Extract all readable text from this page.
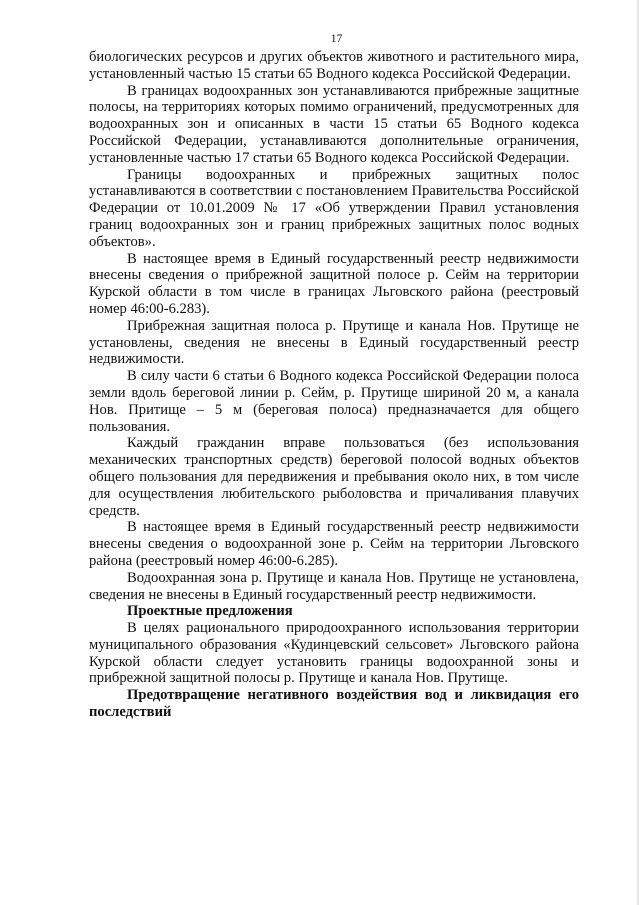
17

биологических ресурсов и других объектов животного и растительного мира, установленный частью 15 статьи 65 Водного кодекса Российской Федерации.

В границах водоохранных зон устанавливаются прибрежные защитные полосы, на территориях которых помимо ограничений, предусмотренных для водоохранных зон и описанных в части 15 статьи 65 Водного кодекса Российской Федерации, устанавливаются дополнительные ограничения, установленные частью 17 статьи 65 Водного кодекса Российской Федерации.

Границы водоохранных и прибрежных защитных полос устанавливаются в соответствии с постановлением Правительства Российской Федерации от 10.01.2009 № 17 «Об утверждении Правил установления границ водоохранных зон и границ прибрежных защитных полос водных объектов».

В настоящее время в Единый государственный реестр недвижимости внесены сведения о прибрежной защитной полосе р. Сейм на территории Курской области в том числе в границах Льговского района (реестровый номер 46:00-6.283).

Прибрежная защитная полоса р. Прутище и канала Нов. Прутище не установлены, сведения не внесены в Единый государственный реестр недвижимости.

В силу части 6 статьи 6 Водного кодекса Российской Федерации полоса земли вдоль береговой линии р. Сейм, р. Прутище шириной 20 м, а канала Нов. Притище – 5 м (береговая полоса) предназначается для общего пользования.

Каждый гражданин вправе пользоваться (без использования механических транспортных средств) береговой полосой водных объектов общего пользования для передвижения и пребывания около них, в том числе для осуществления любительского рыболовства и причаливания плавучих средств.

В настоящее время в Единый государственный реестр недвижимости внесены сведения о водоохранной зоне р. Сейм на территории Льговского района (реестровый номер 46:00-6.285).

Водоохранная зона р. Прутище и канала Нов. Прутище не установлена, сведения не внесены в Единый государственный реестр недвижимости.

Проектные предложения

В целях рационального природоохранного использования территории муниципального образования «Кудинцевский сельсовет» Льговского района Курской области следует установить границы водоохранной зоны и прибрежной защитной полосы р. Прутище и канала Нов. Прутище.

Предотвращение негативного воздействия вод и ликвидация его последствий
